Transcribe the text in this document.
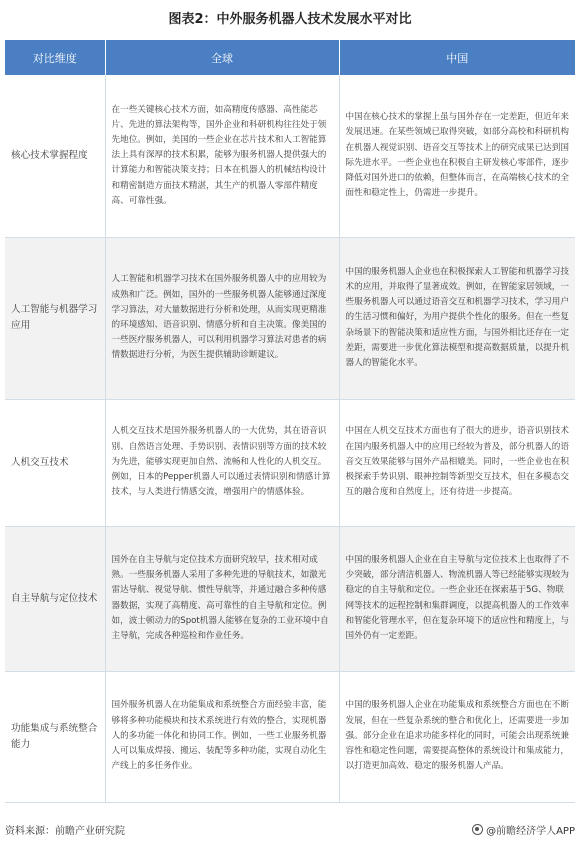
图表2：中外服务机器人技术发展水平对比
对比维度	全球	中国
核心技术掌握程度	在一些关键核心技术方面，如高精度传感器、高性能芯片、先进的算法架构等，国外企业和科研机构往往处于领先地位。例如，美国的一些企业在芯片技术和人工智能算法上具有深厚的技术积累，能够为服务机器人提供强大的计算能力和智能决策支持；日本在机器人的机械结构设计和精密制造方面技术精湛，其生产的机器人零部件精度高、可靠性强。	中国在核心技术的掌握上虽与国外存在一定差距，但近年来发展迅速。在某些领域已取得突破，如部分高校和科研机构在机器人视觉识别、语音交互等技术上的研究成果已达到国际先进水平。一些企业也在积极自主研发核心零部件，逐步降低对国外进口的依赖，但整体而言，在高端核心技术的全面性和稳定性上，仍需进一步提升。
人工智能与机器学习应用	人工智能和机器学习技术在国外服务机器人中的应用较为成熟和广泛。例如，国外的一些服务机器人能够通过深度学习算法，对大量数据进行分析和处理，从而实现更精准的环境感知、语音识别、情感分析和自主决策。像美国的一些医疗服务机器人，可以利用机器学习算法对患者的病情数据进行分析，为医生提供辅助诊断建议。	中国的服务机器人企业也在积极探索人工智能和机器学习技术的应用，并取得了显著成效。例如，在智能家居领域，一些服务机器人可以通过语音交互和机器学习技术，学习用户的生活习惯和偏好，为用户提供个性化的服务。但在一些复杂场景下的智能决策和适应性方面，与国外相比还存在一定差距，需要进一步优化算法模型和提高数据质量，以提升机器人的智能化水平。
人机交互技术	人机交互技术是国外服务机器人的一大优势，其在语音识别、自然语言处理、手势识别、表情识别等方面的技术较为先进，能够实现更加自然、流畅和人性化的人机交互。例如，日本的Pepper机器人可以通过表情识别和情感计算技术，与人类进行情感交流，增强用户的情感体验。	中国在人机交互技术方面也有了很大的进步，语音识别技术在国内服务机器人中的应用已经较为普及，部分机器人的语音交互效果能够与国外产品相媲美。同时，一些企业也在积极探索手势识别、眼神控制等新型交互技术，但在多模态交互的融合度和自然度上，还有待进一步提高。
自主导航与定位技术	国外在自主导航与定位技术方面研究较早，技术相对成熟。一些服务机器人采用了多种先进的导航技术，如激光雷达导航、视觉导航、惯性导航等，并通过融合多种传感器数据，实现了高精度、高可靠性的自主导航和定位。例如，波士顿动力的Spot机器人能够在复杂的工业环境中自主导航，完成各种巡检和作业任务。	中国的服务机器人企业在自主导航与定位技术上也取得了不少突破，部分清洁机器人、物流机器人等已经能够实现较为稳定的自主导航和定位。一些企业还在探索基于5G、物联网等技术的远程控制和集群调度，以提高机器人的工作效率和智能化管理水平，但在复杂环境下的适应性和精度上，与国外仍有一定差距。
功能集成与系统整合能力	国外服务机器人在功能集成和系统整合方面经验丰富，能够将多种功能模块和技术系统进行有效的整合，实现机器人的多功能一体化和协同工作。例如，一些工业服务机器人可以集成焊接、搬运、装配等多种功能，实现自动化生产线上的多任务作业。	中国的服务机器人企业在功能集成和系统整合方面也在不断发展，但在一些复杂系统的整合和优化上，还需要进一步加强。部分企业在追求功能多样化的同时，可能会出现系统兼容性和稳定性问题，需要提高整体的系统设计和集成能力，以打造更加高效、稳定的服务机器人产品。
资料来源：前瞻产业研究院	@前瞻经济学人APP
